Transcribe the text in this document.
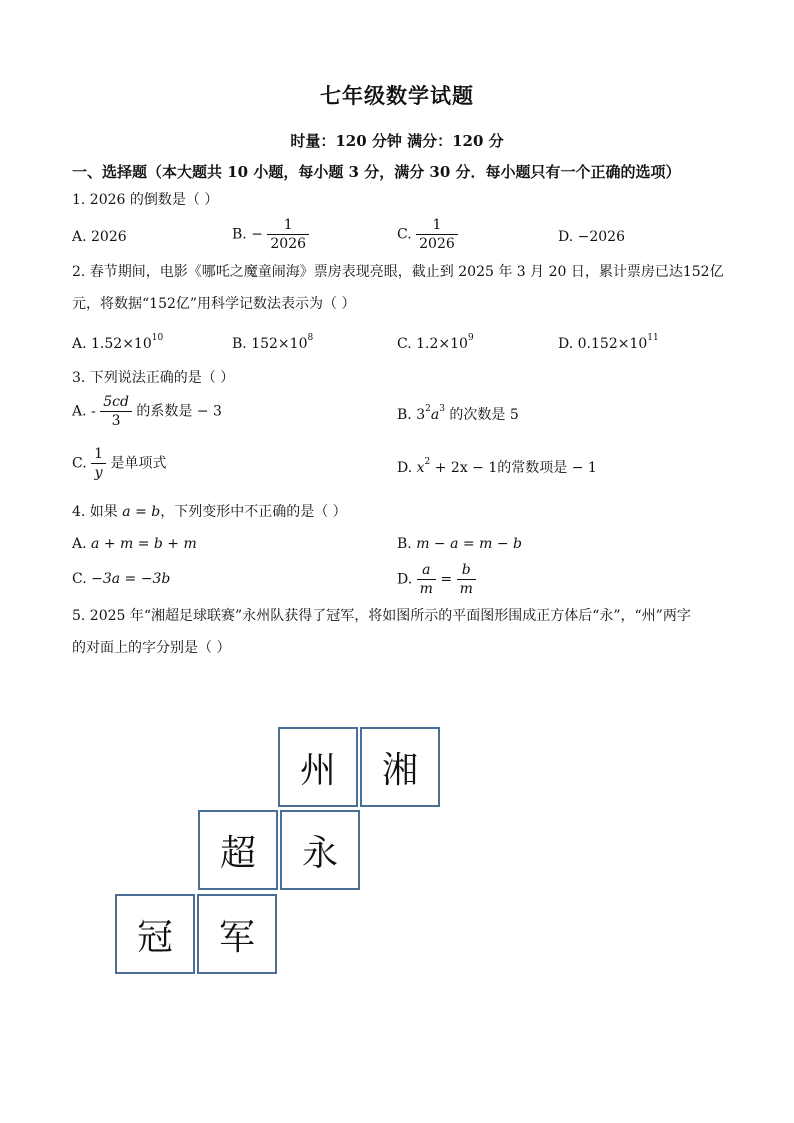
七年级数学试题
时量：120 分钟 满分：120 分
一、选择题（本大题共 10 小题，每小题 3 分，满分 30 分．每小题只有一个正确的选项）
1. 2026 的倒数是（ ）
A. 2026	B. − $\frac{1}{2026}$	C. $\frac{1}{2026}$	D. −2026
2. 春节期间，电影《哪吒之魔童闹海》票房表现亮眼，截止到 2025 年 3 月 20 日，累计票房已达152亿
元，将数据“152亿”用科学记数法表示为（ ）
A. $1.52\times 10^{10}$	B. $152\times 10^8$	C. $1.2\times 10^9$	D. $0.152\times 10^{11}$
3. 下列说法正确的是（ ）
A. - $\frac{5cd}{3}$ 的系数是 − 3	B. $3^2a^3$ 的次数是 5
C. $\frac{1}{y}$ 是单项式	D. $x^2 + 2x - 1$的常数项是 − 1
4. 如果 a = b，下列变形中不正确的是（ ）
A. a + m = b + m	B. m − a = m − b
C. −3a = −3b	D. $\frac{a}{m} = \frac{b}{m}$
5. 2025 年“湘超足球联赛”永州队获得了冠军，将如图所示的平面图形围成正方体后“永”，“州”两字
的对面上的字分别是（ ）
州	湘
超	永
冠	军
